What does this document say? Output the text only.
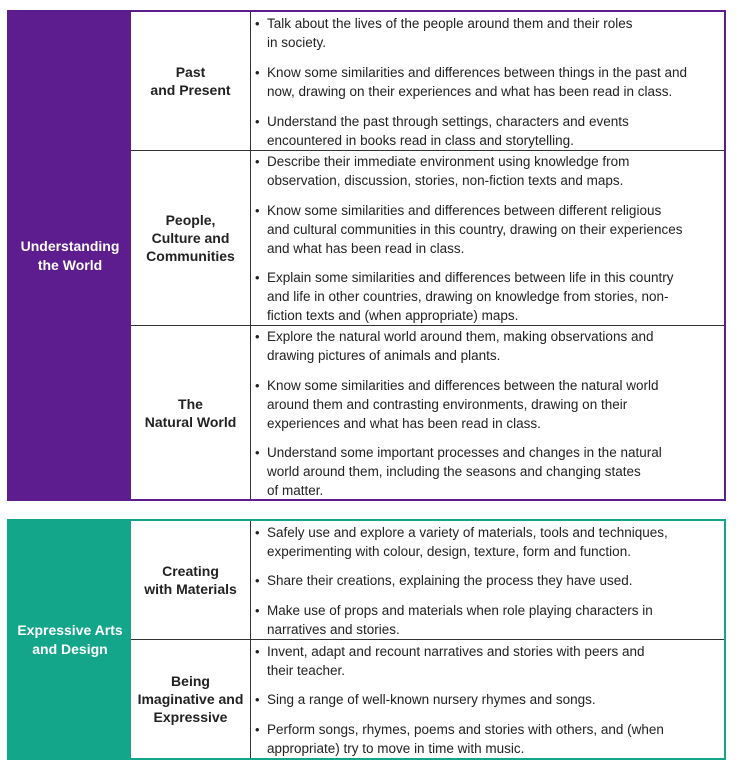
Understanding
the World
Past
and Present
• Talk about the lives of the people around them and their roles
in society.
• Know some similarities and differences between things in the past and
now, drawing on their experiences and what has been read in class.
• Understand the past through settings, characters and events
encountered in books read in class and storytelling.
People,
Culture and
Communities
• Describe their immediate environment using knowledge from
observation, discussion, stories, non-fiction texts and maps.
• Know some similarities and differences between different religious
and cultural communities in this country, drawing on their experiences
and what has been read in class.
• Explain some similarities and differences between life in this country
and life in other countries, drawing on knowledge from stories, non-
fiction texts and (when appropriate) maps.
The
Natural World
• Explore the natural world around them, making observations and
drawing pictures of animals and plants.
• Know some similarities and differences between the natural world
around them and contrasting environments, drawing on their
experiences and what has been read in class.
• Understand some important processes and changes in the natural
world around them, including the seasons and changing states
of matter.
Expressive Arts
and Design
Creating
with Materials
• Safely use and explore a variety of materials, tools and techniques,
experimenting with colour, design, texture, form and function.
• Share their creations, explaining the process they have used.
• Make use of props and materials when role playing characters in
narratives and stories.
Being
Imaginative and
Expressive
• Invent, adapt and recount narratives and stories with peers and
their teacher.
• Sing a range of well-known nursery rhymes and songs.
• Perform songs, rhymes, poems and stories with others, and (when
appropriate) try to move in time with music.
